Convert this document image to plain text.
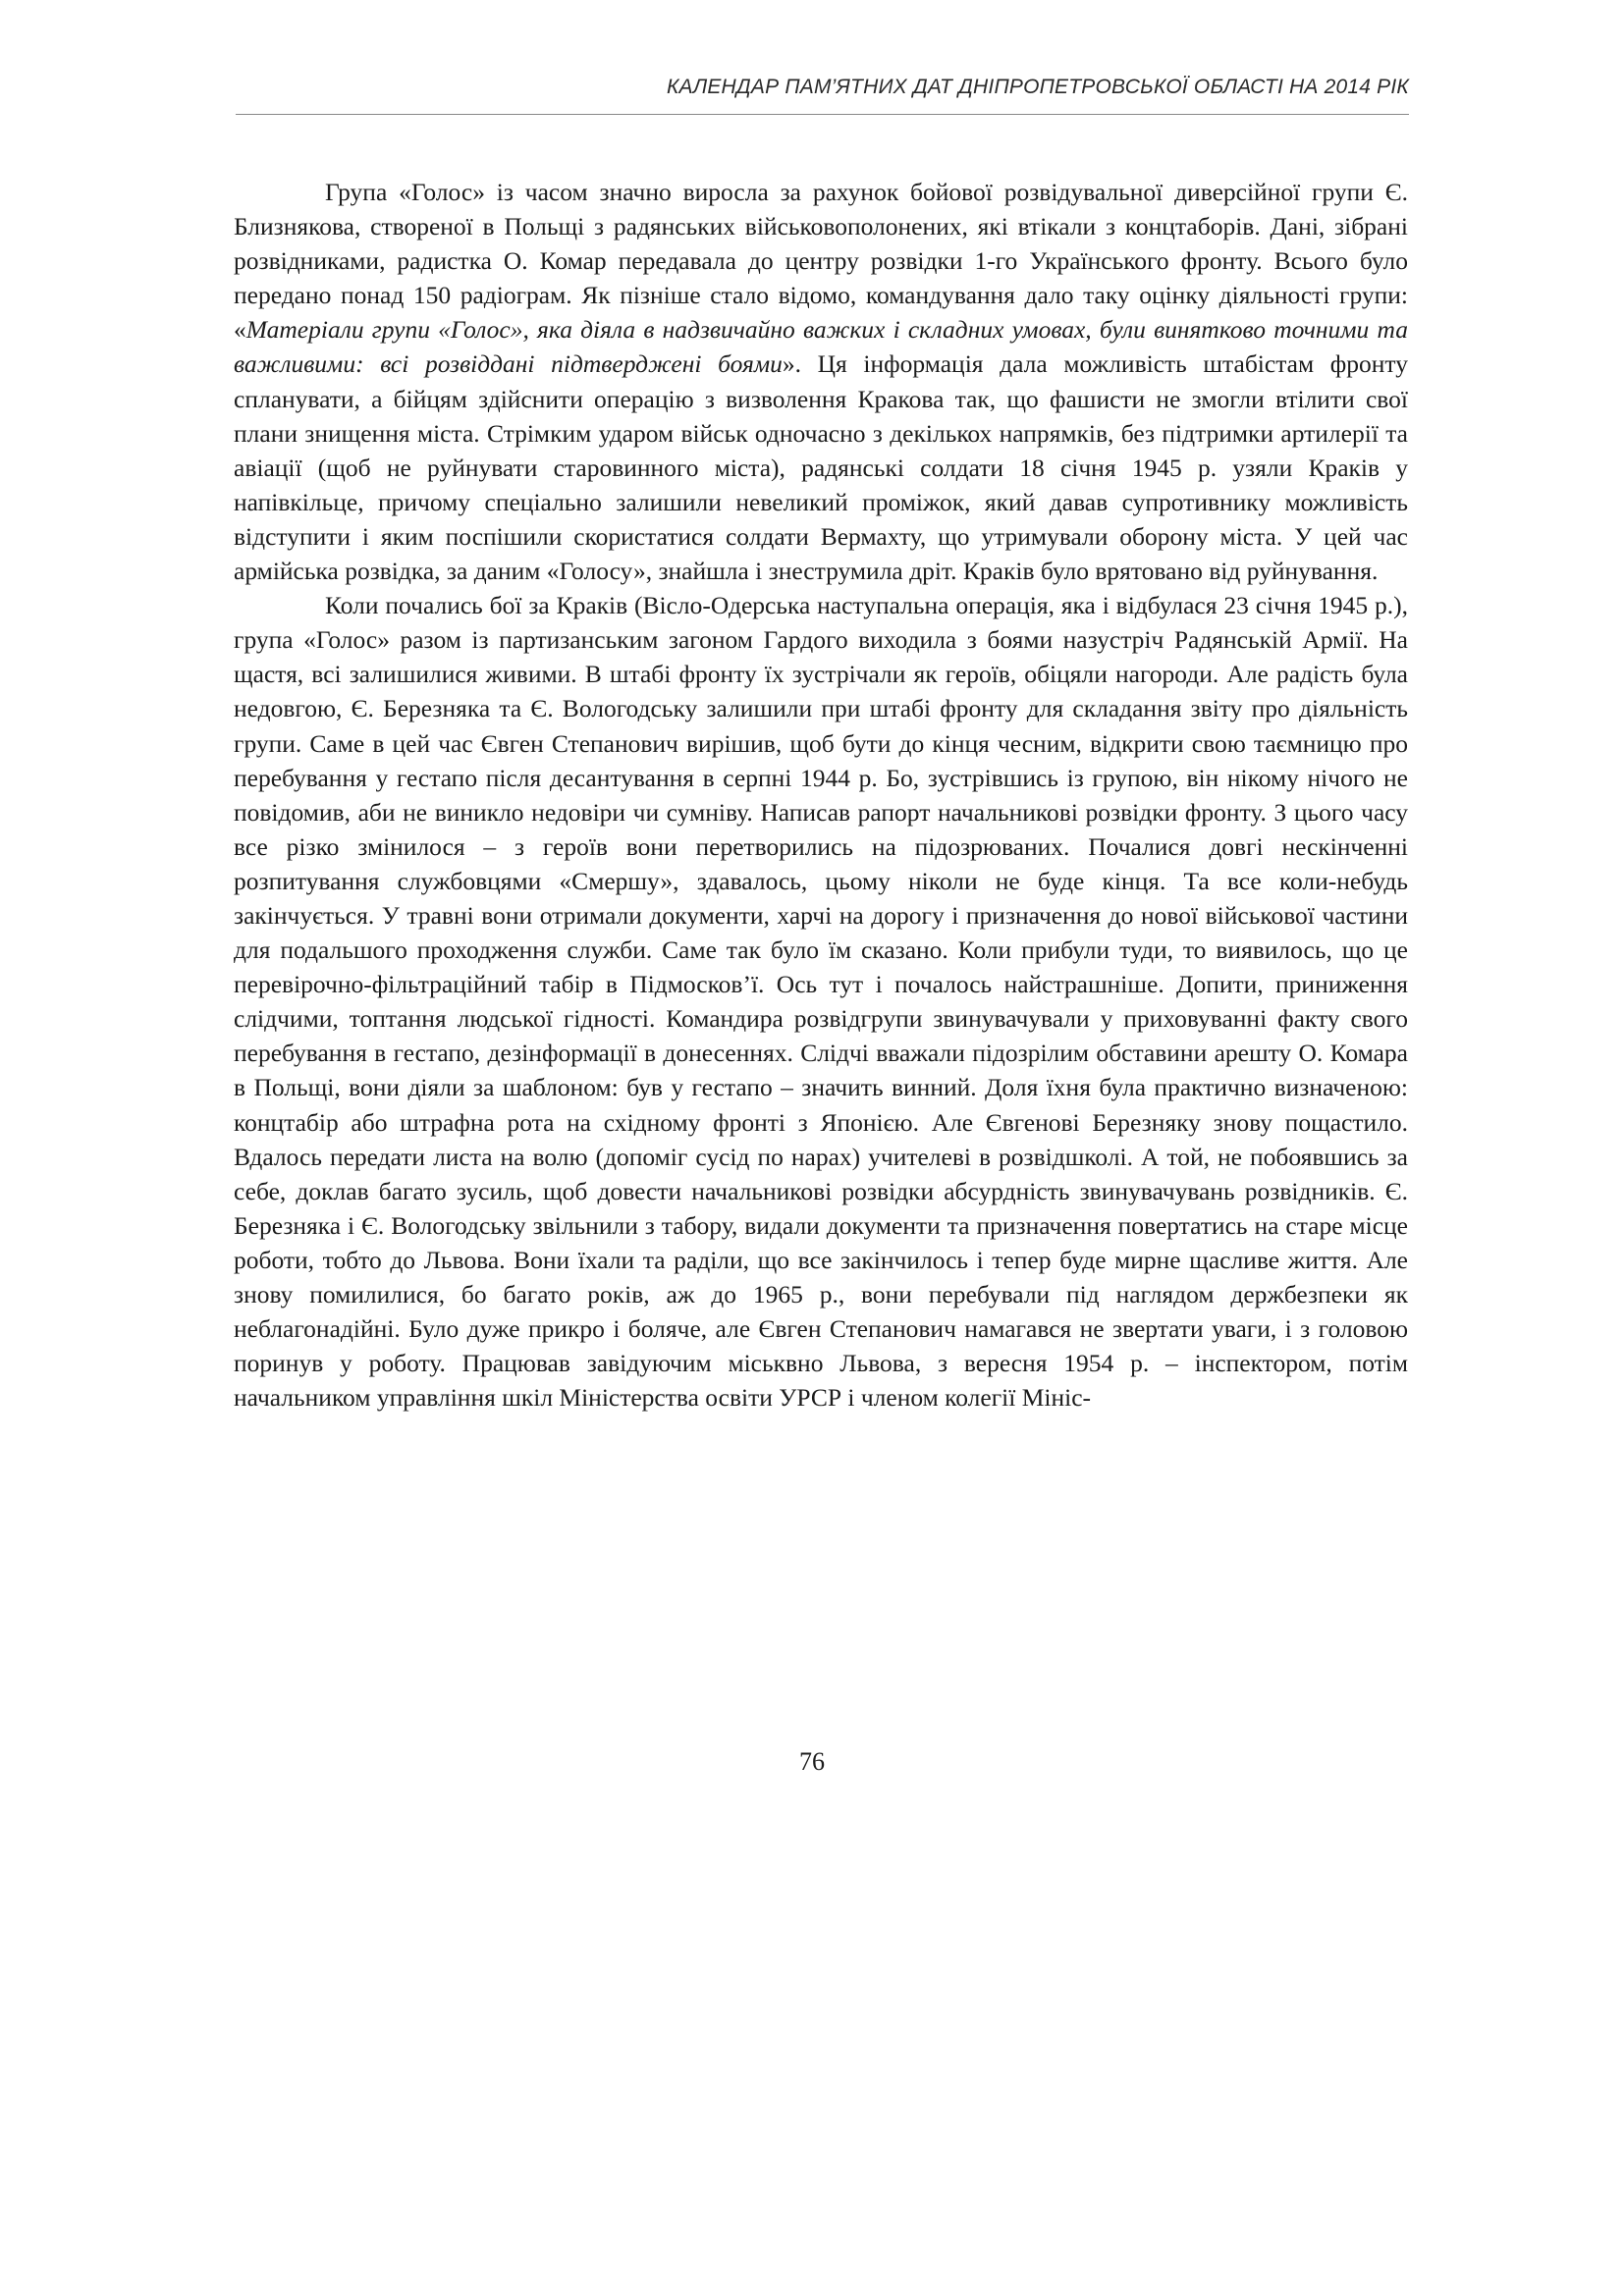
КАЛЕНДАР ПАМ’ЯТНИХ ДАТ ДНІПРОПЕТРОВСЬКОЇ ОБЛАСТІ НА 2014 РІК

Група «Голос» із часом значно виросла за рахунок бойової розвідувальної диверсійної групи Є. Близнякова, створеної в Польщі з радянських військовополонених, які втікали з концтаборів. Дані, зібрані розвідниками, радистка О. Комар передавала до центру розвідки 1-го Українського фронту. Всього було передано понад 150 радіограм. Як пізніше стало відомо, командування дало таку оцінку діяльності групи: «Матеріали групи «Голос», яка діяла в надзвичайно важких і складних умовах, були винятково точними та важливими: всі розвіддані підтверджені боями». Ця інформація дала можливість штабістам фронту спланувати, а бійцям здійснити операцію з визволення Кракова так, що фашисти не змогли втілити свої плани знищення міста. Стрімким ударом військ одночасно з декількох напрямків, без підтримки артилерії та авіації (щоб не руйнувати старовинного міста), радянські солдати 18 січня 1945 р. узяли Краків у напівкільце, причому спеціально залишили невеликий проміжок, який давав супротивнику можливість відступити і яким поспішили скористатися солдати Вермахту, що утримували оборону міста. У цей час армійська розвідка, за даним «Голосу», знайшла і знеструмила дріт. Краків було врятовано від руйнування.

Коли почались бої за Краків (Вісло-Одерська наступальна операція, яка і відбулася 23 січня 1945 р.), група «Голос» разом із партизанським загоном Гардого виходила з боями назустріч Радянській Армії. На щастя, всі залишилися живими. В штабі фронту їх зустрічали як героїв, обіцяли нагороди. Але радість була недовгою, Є. Березняка та Є. Вологодську залишили при штабі фронту для складання звіту про діяльність групи. Саме в цей час Євген Степанович вирішив, щоб бути до кінця чесним, відкрити свою таємницю про перебування у гестапо після десантування в серпні 1944 р. Бо, зустрівшись із групою, він нікому нічого не повідомив, аби не виникло недовіри чи сумніву. Написав рапорт начальникові розвідки фронту. З цього часу все різко змінилося – з героїв вони перетворились на підозрюваних. Почалися довгі нескінченні розпитування службовцями «Смершу», здавалось, цьому ніколи не буде кінця. Та все коли-небудь закінчується. У травні вони отримали документи, харчі на дорогу і призначення до нової військової частини для подальшого проходження служби. Саме так було їм сказано. Коли прибули туди, то виявилось, що це перевірочно-фільтраційний табір в Підмосков’ї. Ось тут і почалось найстрашніше. Допити, приниження слідчими, топтання людської гідності. Командира розвідгрупи звинувачували у приховуванні факту свого перебування в гестапо, дезінформації в донесеннях. Слідчі вважали підозрілим обставини арешту О. Комара в Польщі, вони діяли за шаблоном: був у гестапо – значить винний. Доля їхня була практично визначеною: концтабір або штрафна рота на східному фронті з Японією. Але Євгенові Березняку знову пощастило. Вдалось передати листа на волю (допоміг сусід по нарах) учителеві в розвідшколі. А той, не побоявшись за себе, доклав багато зусиль, щоб довести начальникові розвідки абсурдність звинувачувань розвідників. Є. Березняка і Є. Вологодську звільнили з табору, видали документи та призначення повертатись на старе місце роботи, тобто до Львова. Вони їхали та раділи, що все закінчилось і тепер буде мирне щасливе життя. Але знову помилилися, бо багато років, аж до 1965 р., вони перебували під наглядом держбезпеки як неблагонадійні. Було дуже прикро і боляче, але Євген Степанович намагався не звертати уваги, і з головою поринув у роботу. Працював завідуючим міськвно Львова, з вересня 1954 р. – інспектором, потім начальником управління шкіл Міністерства освіти УРСР і членом колегії Мініс-

76
